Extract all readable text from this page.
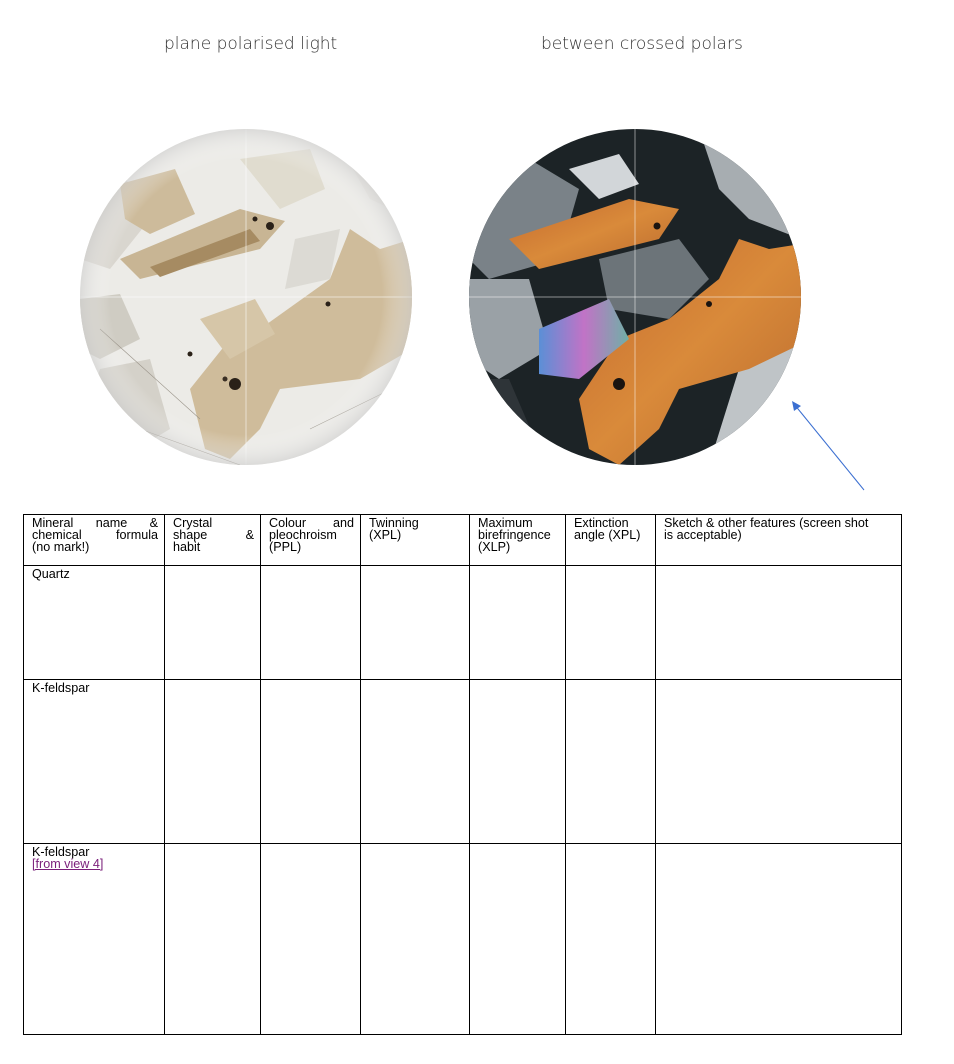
plane polarised light	between crossed polars
Mineral name &
chemical formula
(no mark!)	Crystal
shape &
habit	Colour and
pleochroism
(PPL)	Twinning
(XPL)	Maximum
birefringence
(XLP)	Extinction
angle (XPL)	Sketch & other features (screen shot
is acceptable)

Quartz						
K-feldspar						

K-feldspar
[from view 4]						
